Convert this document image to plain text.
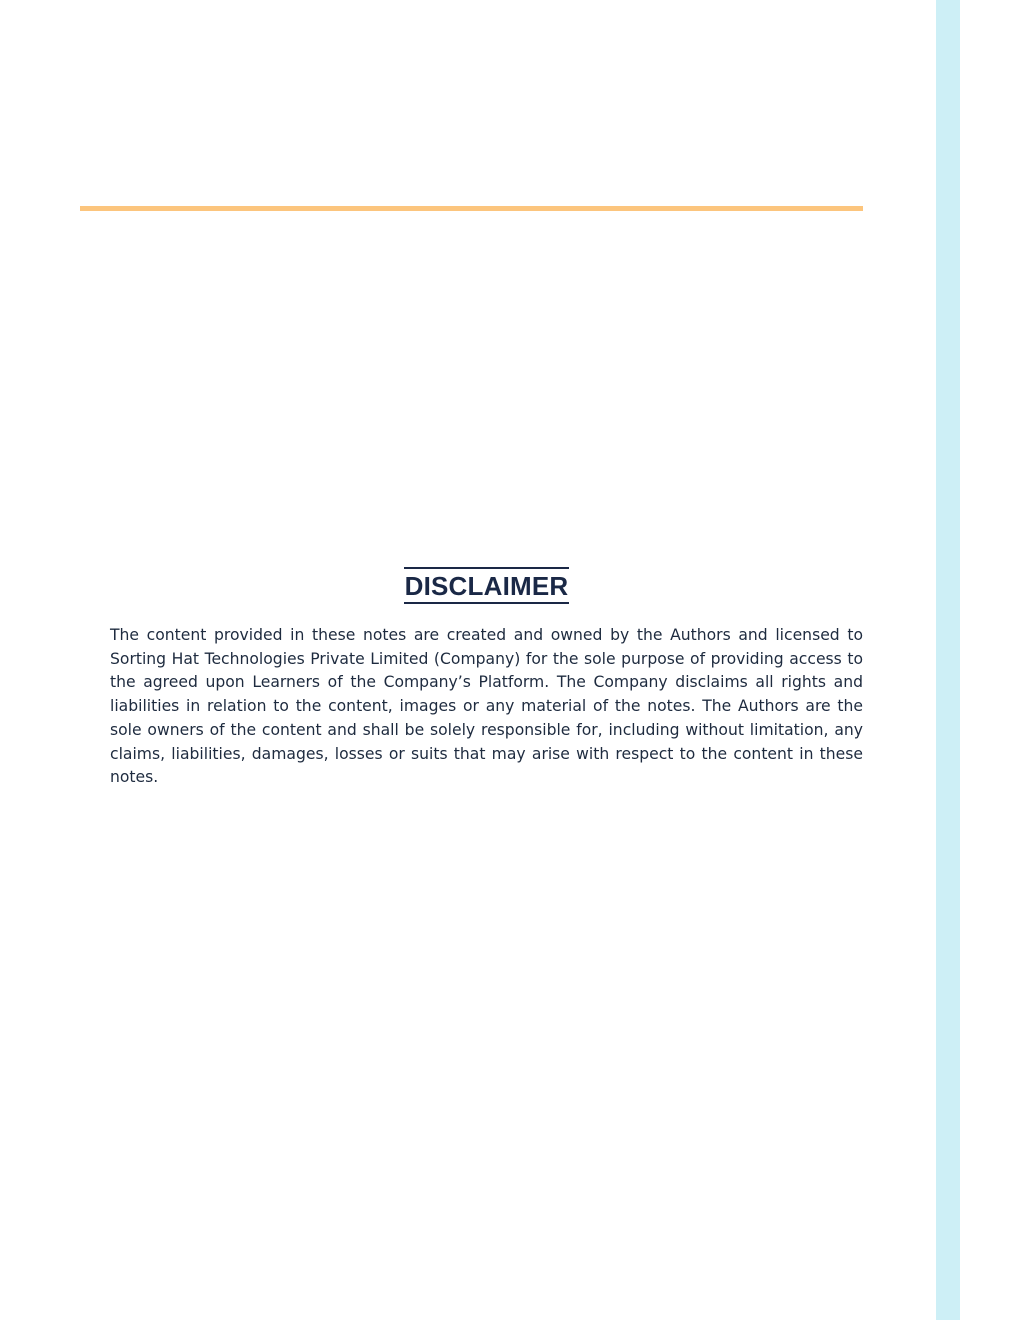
DISCLAIMER

The content provided in these notes are created and owned by the Authors and licensed to Sorting Hat Technologies Private Limited (Company) for the sole purpose of providing access to the agreed upon Learners of the Company’s Platform. The Company disclaims all rights and liabilities in relation to the content, images or any material of the notes. The Authors are the sole owners of the content and shall be solely responsible for, including without limitation, any claims, liabilities, damages, losses or suits that may arise with respect to the content in these notes.
